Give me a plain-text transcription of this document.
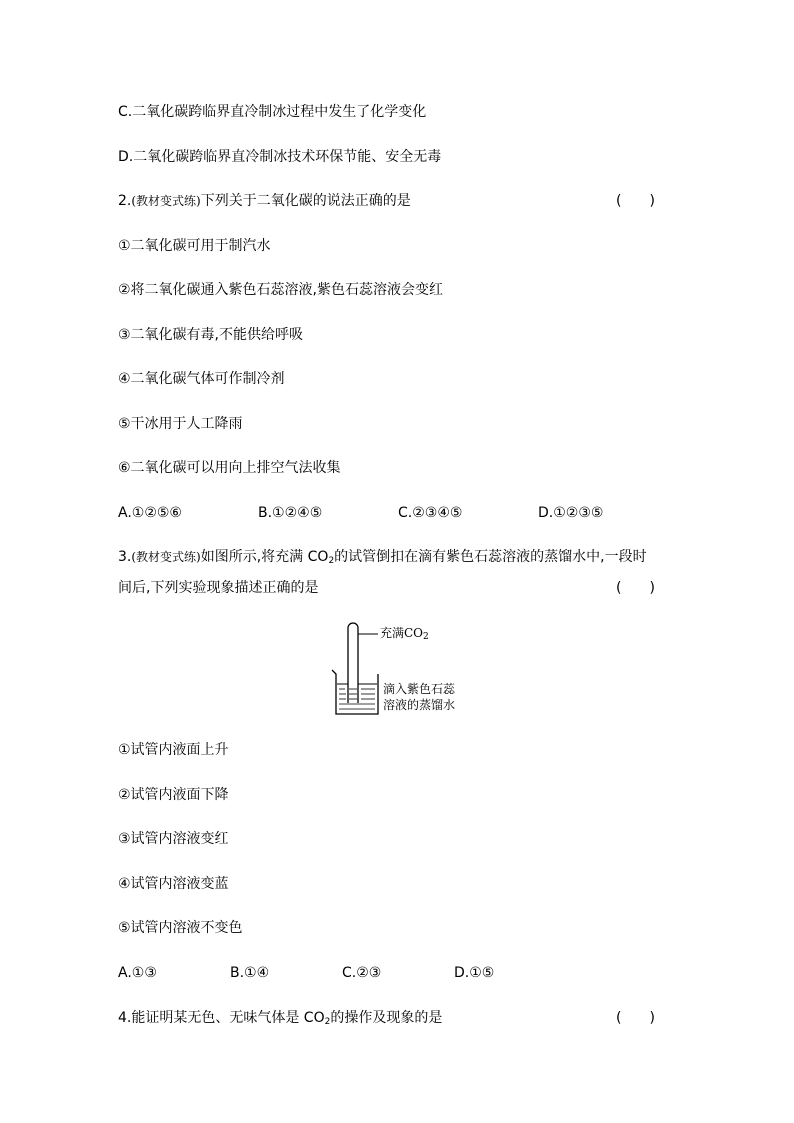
C.二氧化碳跨临界直冷制冰过程中发生了化学变化
D.二氧化碳跨临界直冷制冰技术环保节能、安全无毒
2.(教材变式练)下列关于二氧化碳的说法正确的是	(　　)
①二氧化碳可用于制汽水
②将二氧化碳通入紫色石蕊溶液,紫色石蕊溶液会变红
③二氧化碳有毒,不能供给呼吸
④二氧化碳气体可作制冷剂
⑤干冰用于人工降雨
⑥二氧化碳可以用向上排空气法收集
A.①②⑤⑥	B.①②④⑤	C.②③④⑤	D.①②③⑤
3.(教材变式练)如图所示,将充满 $CO_2$的试管倒扣在滴有紫色石蕊溶液的蒸馏水中,一段时
间后,下列实验现象描述正确的是	(　　)
充满$CO_2$
滴入紫色石蕊
溶液的蒸馏水
①试管内液面上升
②试管内液面下降
③试管内溶液变红
④试管内溶液变蓝
⑤试管内溶液不变色
A.①③	B.①④	C.②③	D.①⑤
4.能证明某无色、无味气体是 $CO_2$的操作及现象的是	(　　)
